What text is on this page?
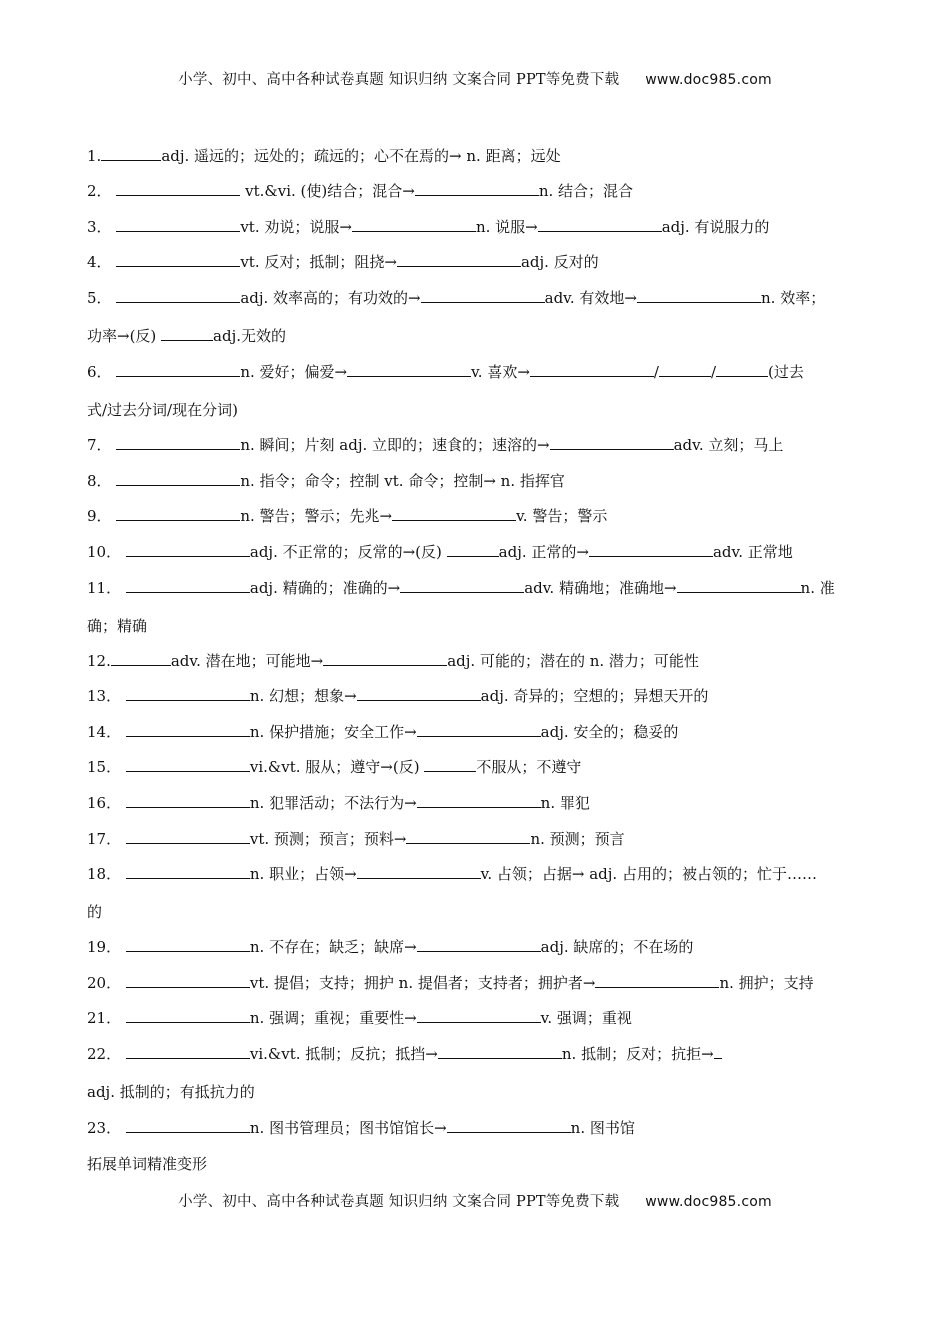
小学、初中、高中各种试卷真题 知识归纳 文案合同 PPT等免费下载 www.doc985.com
1.	adj. 遥远的；远处的；疏远的；心不在焉的→ n. 距离；远处
2．	vt.&vi. (使)结合；混合→	n. 结合；混合
3．	vt. 劝说；说服→	n. 说服→	adj. 有说服力的
4．	vt. 反对；抵制；阻挠→	adj. 反对的
5．	adj. 效率高的；有功效的→	adv. 有效地→	n. 效率；
功率→(反)	adj.无效的
6．	n. 爱好；偏爱→	v. 喜欢→	/	/	(过去
式/过去分词/现在分词)
7．	n. 瞬间；片刻 adj. 立即的；速食的；速溶的→	adv. 立刻；马上
8．	n. 指令；命令；控制 vt. 命令；控制→ n. 指挥官
9．	n. 警告；警示；先兆→	v. 警告；警示
10．	adj. 不正常的；反常的→(反)	adj. 正常的→	adv. 正常地
11．	adj. 精确的；准确的→	adv. 精确地；准确地→	n. 准
确；精确
12.	adv. 潜在地；可能地→	adj. 可能的；潜在的 n. 潜力；可能性
13．	n. 幻想；想象→	adj. 奇异的；空想的；异想天开的
14．	n. 保护措施；安全工作→	adj. 安全的；稳妥的
15．	vi.&vt. 服从；遵守→(反)	不服从；不遵守
16．	n. 犯罪活动；不法行为→	n. 罪犯
17．	vt. 预测；预言；预料→	n. 预测；预言
18．	n. 职业；占领→	v. 占领；占据→ adj. 占用的；被占领的；忙于……
的
19．	n. 不存在；缺乏；缺席→	adj. 缺席的；不在场的
20．	vt. 提倡；支持；拥护 n. 提倡者；支持者；拥护者→	n. 拥护；支持
21．	n. 强调；重视；重要性→	v. 强调；重视
22．	vi.&vt. 抵制；反抗；抵挡→	n. 抵制；反对；抗拒→
adj. 抵制的；有抵抗力的
23．	n. 图书管理员；图书馆馆长→	n. 图书馆
拓展单词精准变形
小学、初中、高中各种试卷真题 知识归纳 文案合同 PPT等免费下载 www.doc985.com
